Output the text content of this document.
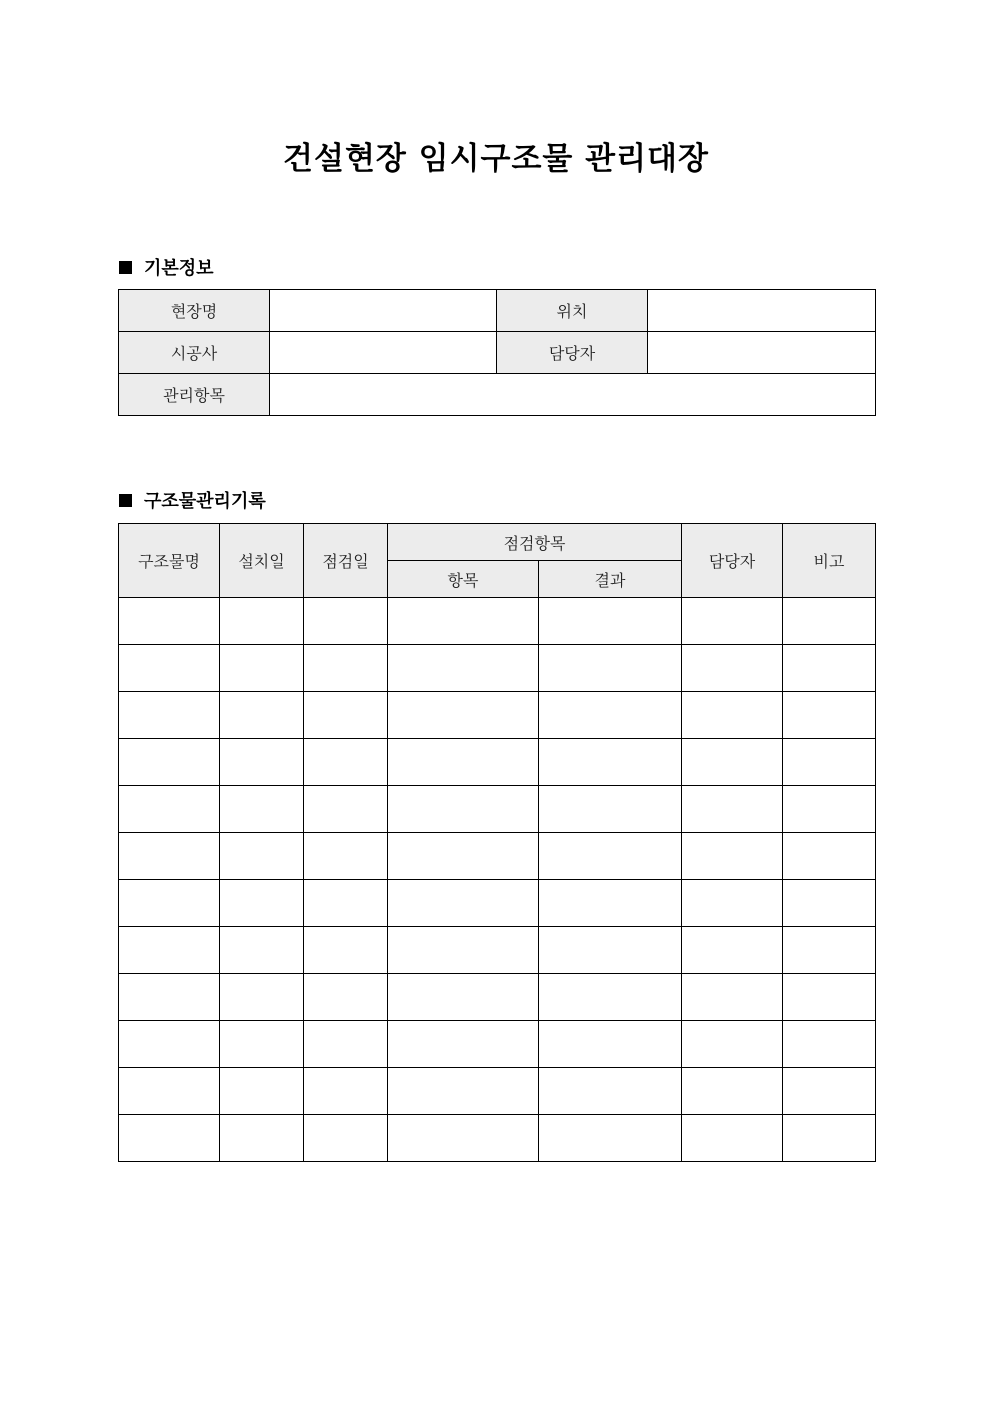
건설현장 임시구조물 관리대장
기본정보
현장명		위치	
시공사		담당자	
관리항목			
구조물관리기록
구조물명	설치일	점검일	점검항목		담당자	비고
			항목	결과		
